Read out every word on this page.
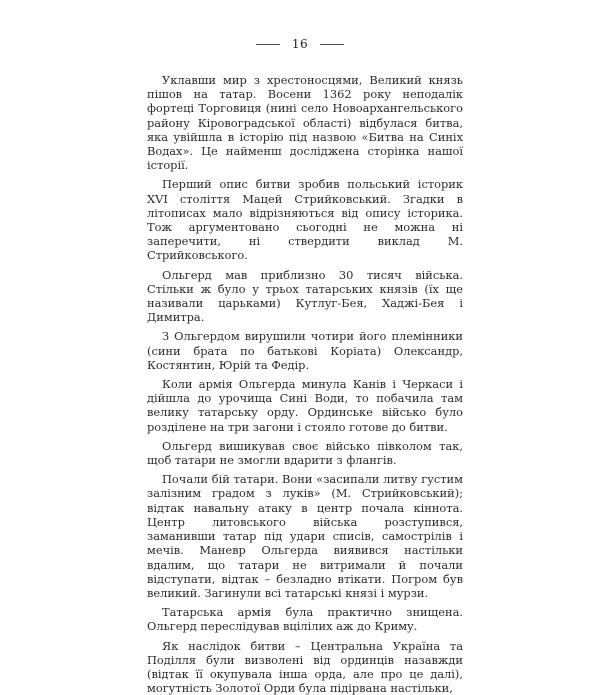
16

Уклавши мир з хрестоносцями, Великий князь пішов на татар. Восени 1362 року неподалік фортеці Торговиця (нині село Новоархангельського району Кіровоградської області) відбулася битва, яка увійшла в історію під назвою «Битва на Синіх Водах». Це найменш досліджена сторінка нашої історії.

Перший опис битви зробив польський історик XVI століття Мацей Стрийковський. Згадки в літописах мало відрізняються від опису історика. Тож аргументовано сьогодні не можна ні заперечити, ні ствердити виклад М. Стрийковського.

Ольгерд мав приблизно 30 тисяч війська. Стільки ж було у трьох татарських князів (їх ще називали царьками) Кутлуг-Бея, Хаджі-Бея і Димитра.

З Ольгердом вирушили чотири його племінники (сини брата по батькові Коріата) Олександр, Костянтин, Юрій та Федір.

Коли армія Ольгерда минула Канів і Черкаси і дійшла до урочища Сині Води, то побачила там велику татарську орду. Ординське військо було розділене на три загони і стояло готове до битви.

Ольгерд вишикував своє військо півколом так, щоб татари не змогли вдарити з флангів.

Почали бій татари. Вони «засипали литву густим залізним градом з луків» (М. Стрийковський); відтак навальну атаку в центр почала кіннота. Центр литовського війська розступився, заманивши татар під удари списів, самострілів і мечів. Маневр Ольгерда виявився настільки вдалим, що татари не витримали й почали відступати, відтак – безладно втікати. Погром був великий. Загинули всі татарські князі і мурзи.

Татарська армія була практично знищена. Ольгерд переслідував вцілілих аж до Криму.

Як наслідок битви – Центральна Україна та Поділля були визволені від ординців назавжди (відтак її окупувала інша орда, але про це далі), могутність Золотої Орди була підірвана настільки,
